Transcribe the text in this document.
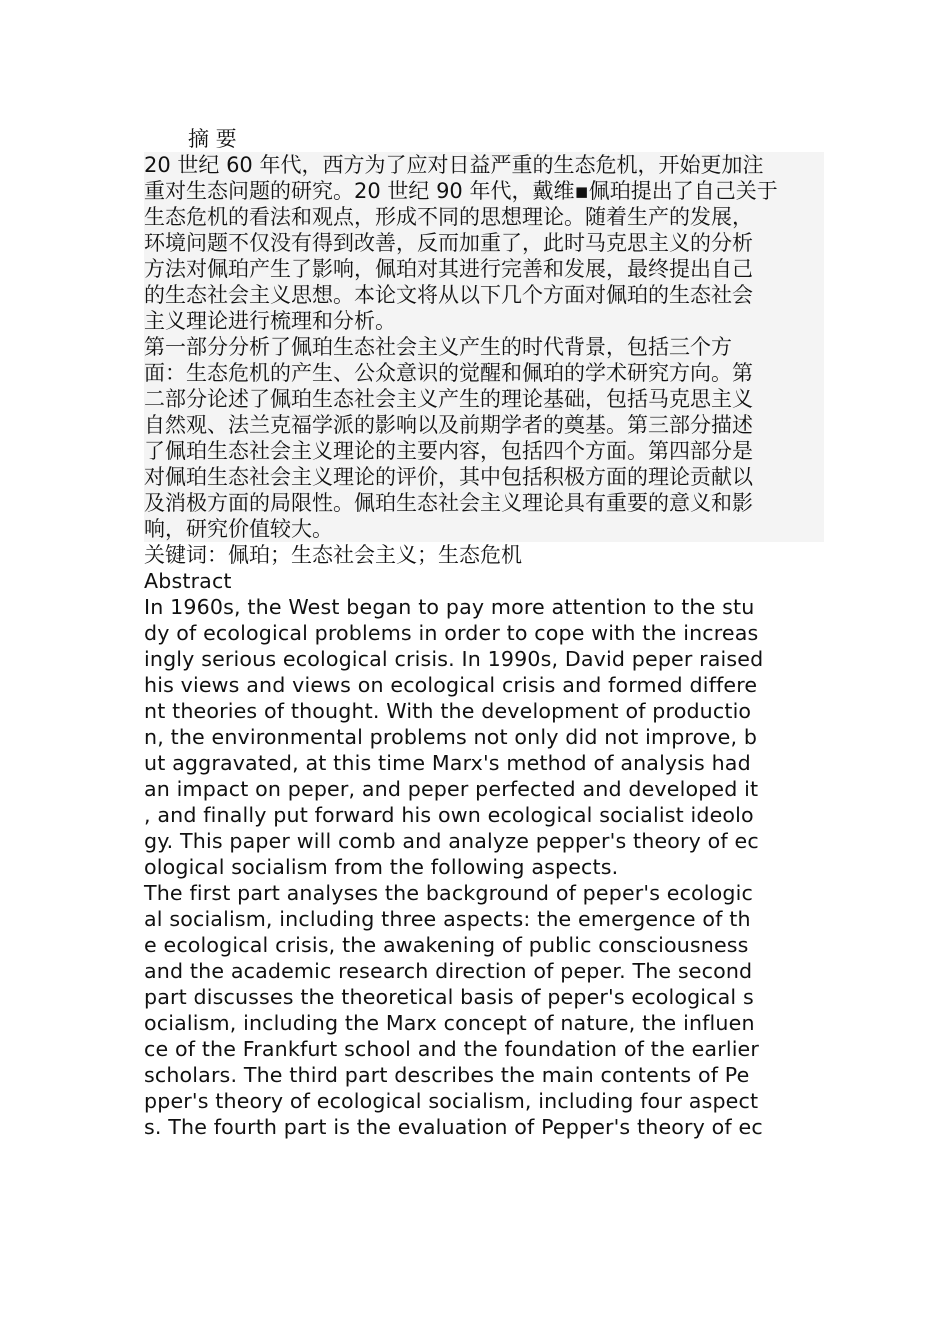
摘 要
20 世纪 60 年代，西方为了应对日益严重的生态危机，开始更加注
重对生态问题的研究。20 世纪 90 年代，戴维▪佩珀提出了自己关于
生态危机的看法和观点，形成不同的思想理论。随着生产的发展，
环境问题不仅没有得到改善，反而加重了，此时马克思主义的分析
方法对佩珀产生了影响，佩珀对其进行完善和发展，最终提出自己
的生态社会主义思想。本论文将从以下几个方面对佩珀的生态社会
主义理论进行梳理和分析。
第一部分分析了佩珀生态社会主义产生的时代背景，包括三个方
面：生态危机的产生、公众意识的觉醒和佩珀的学术研究方向。第
二部分论述了佩珀生态社会主义产生的理论基础，包括马克思主义
自然观、法兰克福学派的影响以及前期学者的奠基。第三部分描述
了佩珀生态社会主义理论的主要内容，包括四个方面。第四部分是
对佩珀生态社会主义理论的评价，其中包括积极方面的理论贡献以
及消极方面的局限性。佩珀生态社会主义理论具有重要的意义和影
响，研究价值较大。
关键词：佩珀；生态社会主义；生态危机
Abstract
In 1960s, the West began to pay more attention to the stu
dy of ecological problems in order to cope with the increas
ingly serious ecological crisis. In 1990s, David peper raised
his views and views on ecological crisis and formed differe
nt theories of thought. With the development of productio
n, the environmental problems not only did not improve, b
ut aggravated, at this time Marx's method of analysis had
an impact on peper, and peper perfected and developed it
, and finally put forward his own ecological socialist ideolo
gy. This paper will comb and analyze pepper's theory of ec
ological socialism from the following aspects.
The first part analyses the background of peper's ecologic
al socialism, including three aspects: the emergence of th
e ecological crisis, the awakening of public consciousness
and the academic research direction of peper. The second
part discusses the theoretical basis of peper's ecological s
ocialism, including the Marx concept of nature, the influen
ce of the Frankfurt school and the foundation of the earlier
scholars. The third part describes the main contents of Pe
pper's theory of ecological socialism, including four aspect
s. The fourth part is the evaluation of Pepper's theory of ec
